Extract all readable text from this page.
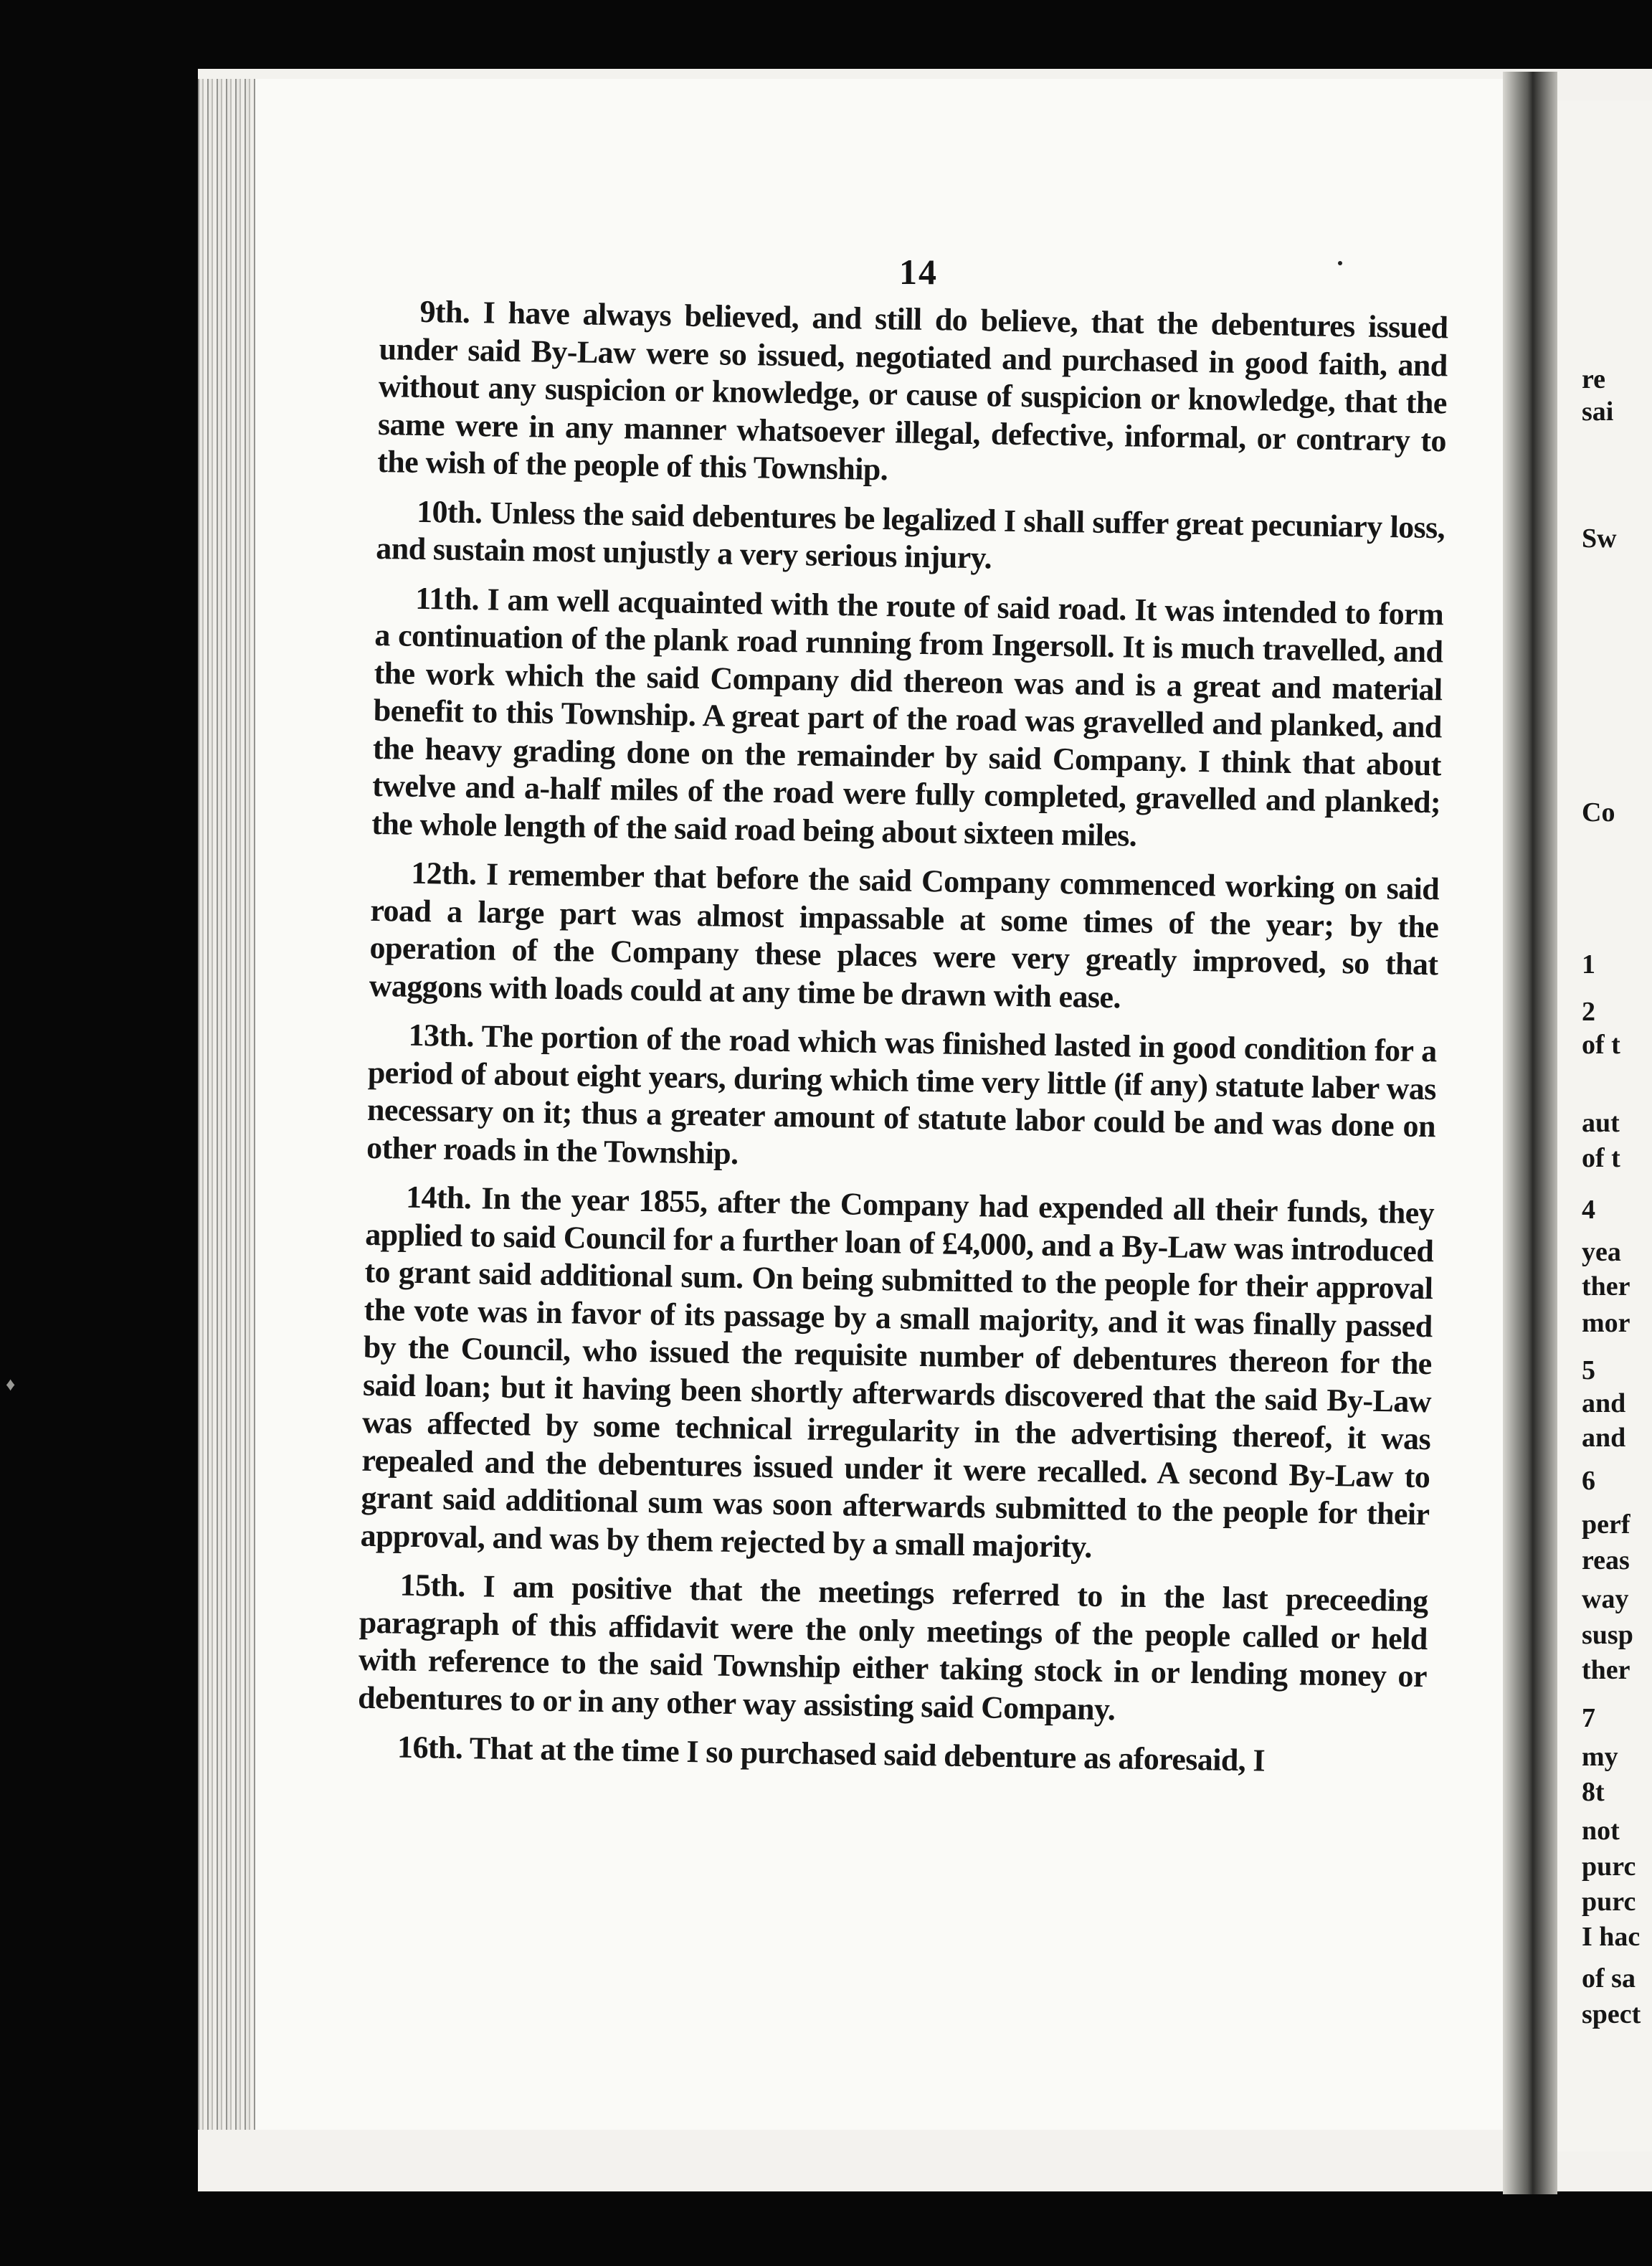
♦
14

9th. I have always believed, and still do believe, that the debentures issued under said By-Law were so issued, negotiated and purchased in good faith, and without any suspicion or knowledge, or cause of suspicion or knowledge, that the same were in any manner whatsoever illegal, defective, informal, or contrary to the wish of the people of this Township.

10th. Unless the said debentures be legalized I shall suffer great pecuniary loss, and sustain most unjustly a very serious injury.

11th. I am well acquainted with the route of said road. It was intended to form a continuation of the plank road running from Ingersoll. It is much travelled, and the work which the said Company did thereon was and is a great and material benefit to this Township. A great part of the road was gravelled and planked, and the heavy grading done on the remainder by said Company. I think that about twelve and a-half miles of the road were fully completed, gravelled and planked; the whole length of the said road being about sixteen miles.

12th. I remember that before the said Company commenced working on said road a large part was almost impassable at some times of the year; by the operation of the Company these places were very greatly improved, so that waggons with loads could at any time be drawn with ease.

13th. The portion of the road which was finished lasted in good condition for a period of about eight years, during which time very little (if any) statute laber was necessary on it; thus a greater amount of statute labor could be and was done on other roads in the Township.

14th. In the year 1855, after the Company had expended all their funds, they applied to said Council for a further loan of £4,000, and a By-Law was introduced to grant said additional sum. On being submitted to the people for their approval the vote was in favor of its passage by a small majority, and it was finally passed by the Council, who issued the requisite number of debentures thereon for the said loan; but it having been shortly afterwards discovered that the said By-Law was affected by some technical irregularity in the advertising thereof, it was repealed and the debentures issued under it were recalled. A second By-Law to grant said additional sum was soon afterwards submitted to the people for their approval, and was by them rejected by a small majority.

15th. I am positive that the meetings referred to in the last preceeding paragraph of this affidavit were the only meetings of the people called or held with reference to the said Township either taking stock in or lending money or debentures to or in any other way assisting said Company.

16th. That at the time I so purchased said debenture as aforesaid, I

re

sai

Sw

Co

1

2

of t

aut

of t

4

yea

ther

mor

5

and

and

6

perf

reas

way

susp

ther

7

my

8t

not

purc

purc

I hac

of sa

spect
